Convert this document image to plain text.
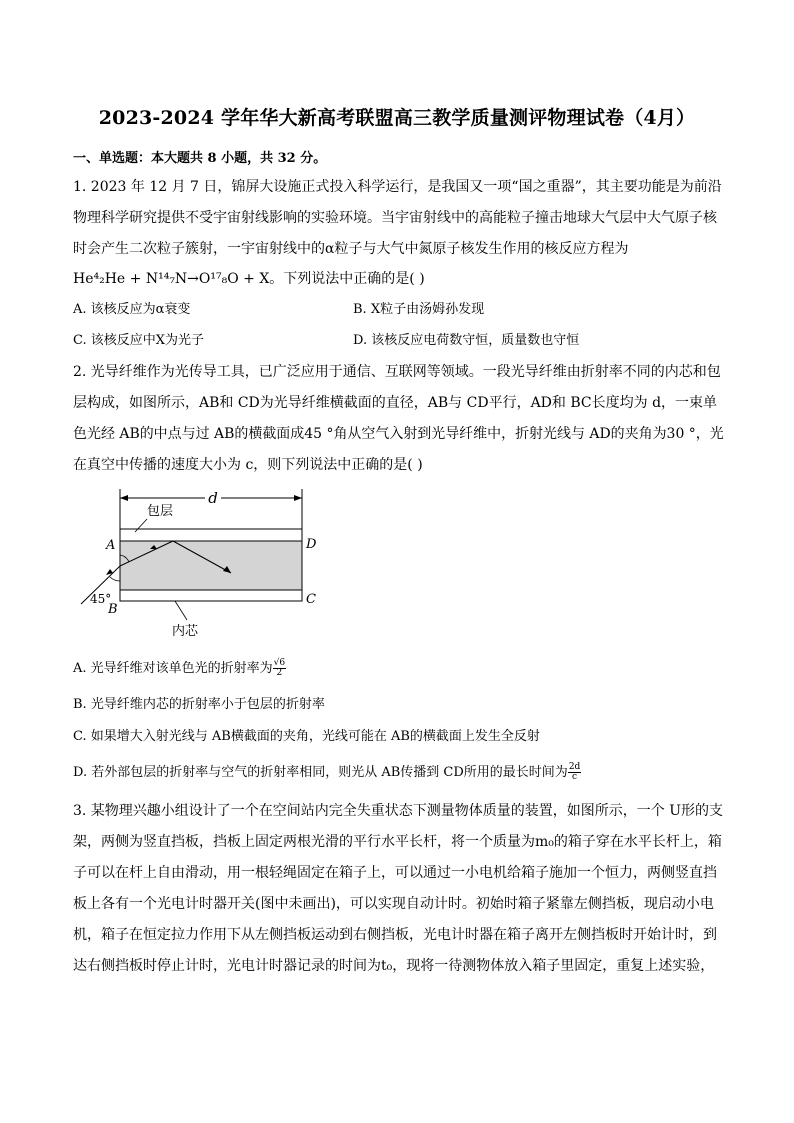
2023-2024 学年华大新高考联盟高三教学质量测评物理试卷（4月）
一、单选题：本大题共 8 小题，共 32 分。
1. 2023 年 12 月 7 日，锦屏大设施正式投入科学运行，是我国又一项“国之重器”，其主要功能是为前沿
物理科学研究提供不受宇宙射线影响的实验环境。当宇宙射线中的高能粒子撞击地球大气层中大气原子核
时会产生二次粒子簇射，一宇宙射线中的α粒子与大气中氮原子核发生作用的核反应方程为
He⁴₂He + N¹⁴₇N→O¹⁷₈O + X。下列说法中正确的是( )
A. 该核反应为α衰变	B. X粒子由汤姆孙发现
C. 该核反应中X为光子	D. 该核反应电荷数守恒，质量数也守恒
2. 光导纤维作为光传导工具，已广泛应用于通信、互联网等领域。一段光导纤维由折射率不同的内芯和包
层构成，如图所示，AB和 CD为光导纤维横截面的直径，AB与 CD平行，AD和 BC长度均为 d，一束单
色光经 AB的中点与过 AB的横截面成45 °角从空气入射到光导纤维中，折射光线与 AD的夹角为30 °，光
在真空中传播的速度大小为 c，则下列说法中正确的是( )
d
包层
A	D
C
B
45°
内芯
A. 光导纤维对该单色光的折射率为 $\frac{√6}{2}$
B. 光导纤维内芯的折射率小于包层的折射率
C. 如果增大入射光线与 AB横截面的夹角，光线可能在 AB的横截面上发生全反射
D. 若外部包层的折射率与空气的折射率相同，则光从 AB传播到 CD所用的最长时间为 $\frac{2d}{c}$
3. 某物理兴趣小组设计了一个在空间站内完全失重状态下测量物体质量的装置，如图所示，一个 U形的支
架，两侧为竖直挡板，挡板上固定两根光滑的平行水平长杆，将一个质量为m₀的箱子穿在水平长杆上，箱
子可以在杆上自由滑动，用一根轻绳固定在箱子上，可以通过一小电机给箱子施加一个恒力，两侧竖直挡
板上各有一个光电计时器开关(图中未画出)，可以实现自动计时。初始时箱子紧靠左侧挡板，现启动小电
机，箱子在恒定拉力作用下从左侧挡板运动到右侧挡板，光电计时器在箱子离开左侧挡板时开始计时，到
达右侧挡板时停止计时，光电计时器记录的时间为t₀，现将一待测物体放入箱子里固定，重复上述实验，
